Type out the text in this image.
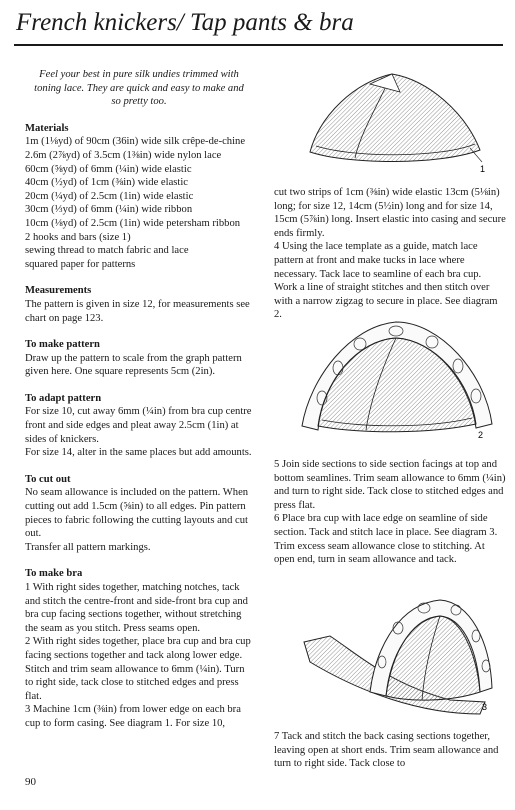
French knickers/ Tap pants & bra
Feel your best in pure silk undies trimmed with toning lace. They are quick and easy to make and so pretty too.
Materials
1m (1⅛yd) of 90cm (36in) wide silk crêpe-de-chine
2.6m (2⅞yd) of 3.5cm (1⅜in) wide nylon lace
60cm (⅝yd) of 6mm (¼in) wide elastic
40cm (½yd) of 1cm (⅜in) wide elastic
20cm (¼yd) of 2.5cm (1in) wide elastic
30cm (⅓yd) of 6mm (¼in) wide ribbon
10cm (⅛yd) of 2.5cm (1in) wide petersham ribbon
2 hooks and bars (size 1)
sewing thread to match fabric and lace
squared paper for patterns
Measurements
The pattern is given in size 12, for measurements see chart on page 123.
To make pattern
Draw up the pattern to scale from the graph pattern given here. One square represents 5cm (2in).
To adapt pattern
For size 10, cut away 6mm (¼in) from bra cup centre front and side edges and pleat away 2.5cm (1in) at sides of knickers.
For size 14, alter in the same places but add amounts.
To cut out
No seam allowance is included on the pattern. When cutting out add 1.5cm (⅝in) to all edges. Pin pattern pieces to fabric following the cutting layouts and cut out.
Transfer all pattern markings.
To make bra
1 With right sides together, matching notches, tack and stitch the centre-front and side-front bra cup and bra cup facing sections together, without stretching the seam as you stitch. Press seams open.
2 With right sides together, place bra cup and bra cup facing sections together and tack along lower edge. Stitch and trim seam allowance to 6mm (¼in). Turn to right side, tack close to stitched edges and press flat.
3 Machine 1cm (⅜in) from lower edge on each bra cup to form casing. See diagram 1. For size 10,
1
cut two strips of 1cm (⅜in) wide elastic 13cm (5⅛in) long; for size 12, 14cm (5½in) long and for size 14, 15cm (5⅞in) long. Insert elastic into casing and secure ends firmly.
4 Using the lace template as a guide, match lace pattern at front and make tucks in lace where necessary. Tack lace to seamline of each bra cup. Work a line of straight stitches and then stitch over with a narrow zigzag to secure in place. See diagram 2.
2
5 Join side sections to side section facings at top and bottom seamlines. Trim seam allowance to 6mm (¼in) and turn to right side. Tack close to stitched edges and press flat.
6 Place bra cup with lace edge on seamline of side section. Tack and stitch lace in place. See diagram 3. Trim excess seam allowance close to stitching. At open end, turn in seam allowance and tack.
3
7 Tack and stitch the back casing sections together, leaving open at short ends. Trim seam allowance and turn to right side. Tack close to
90
